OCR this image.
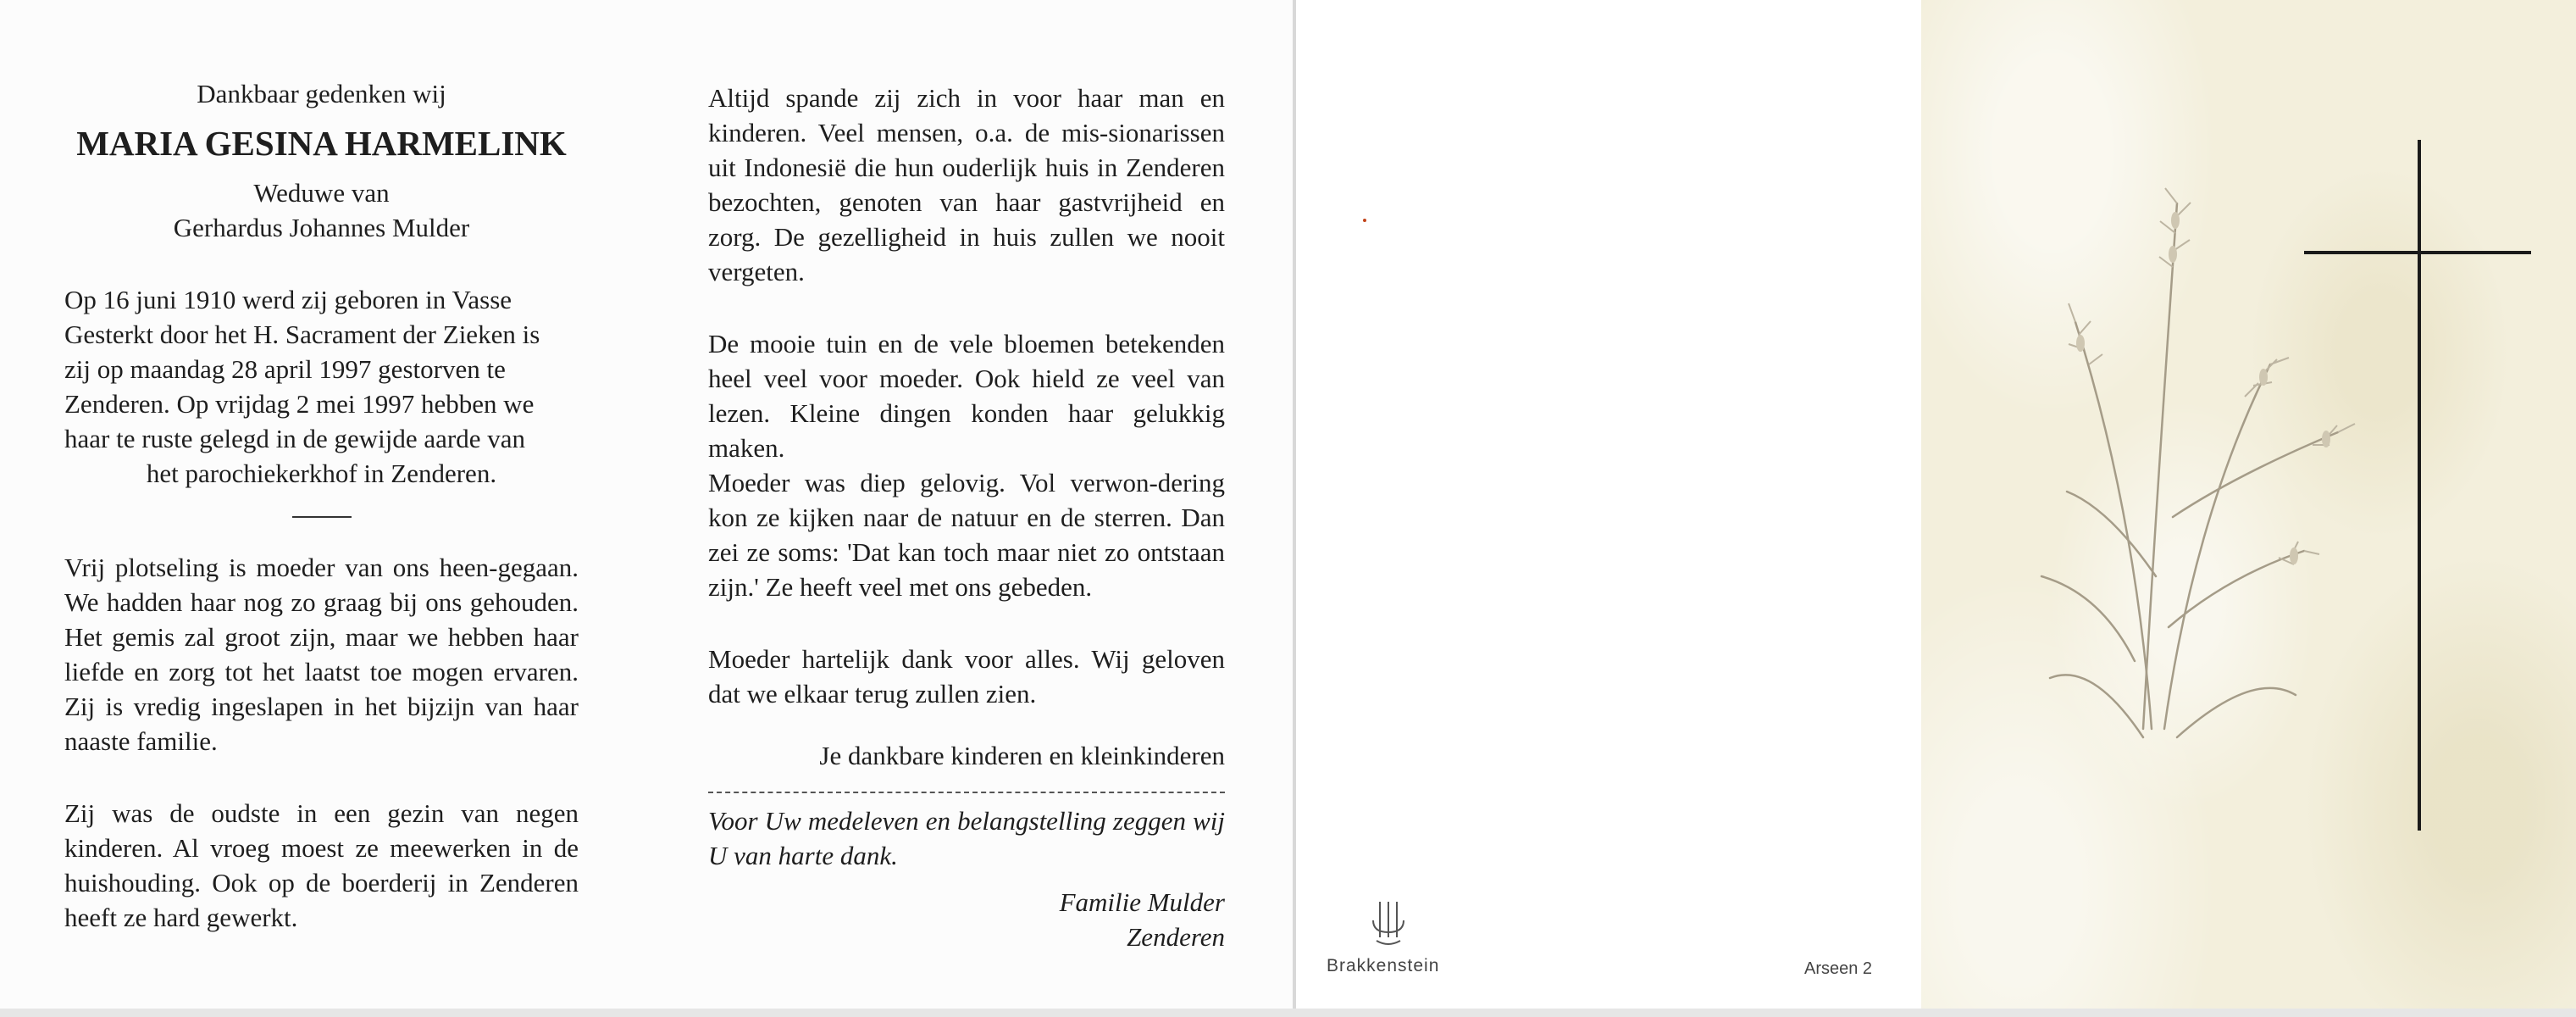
Dankbaar gedenken wij

MARIA GESINA HARMELINK

Weduwe van

Gerhardus Johannes Mulder

Op 16 juni 1910 werd zij geboren in Vasse

Gesterkt door het H. Sacrament der Zieken is

zij op maandag 28 april 1997 gestorven te

Zenderen. Op vrijdag 2 mei 1997 hebben we

haar te ruste gelegd in de gewijde aarde van

het parochiekerkhof in Zenderen.

Vrij plotseling is moeder van ons heen-gegaan. We hadden haar nog zo graag bij ons gehouden. Het gemis zal groot zijn, maar we hebben haar liefde en zorg tot het laatst toe mogen ervaren. Zij is vredig ingeslapen in het bijzijn van haar naaste familie.

Zij was de oudste in een gezin van negen kinderen. Al vroeg moest ze meewerken in de huishouding. Ook op de boerderij in Zenderen heeft ze hard gewerkt.

Altijd spande zij zich in voor haar man en kinderen. Veel mensen, o.a. de mis-sionarissen uit Indonesië die hun ouderlijk huis in Zenderen bezochten, genoten van haar gastvrijheid en zorg. De gezelligheid in huis zullen we nooit vergeten.

De mooie tuin en de vele bloemen betekenden heel veel voor moeder. Ook hield ze veel van lezen. Kleine dingen konden haar gelukkig maken.

Moeder was diep gelovig. Vol verwon-dering kon ze kijken naar de natuur en de sterren. Dan zei ze soms: 'Dat kan toch maar niet zo ontstaan zijn.' Ze heeft veel met ons gebeden.

Moeder hartelijk dank voor alles. Wij geloven dat we elkaar terug zullen zien.

Je dankbare kinderen en kleinkinderen

Voor Uw medeleven en belangstelling zeggen wij U van harte dank.

Familie Mulder

Zenderen

Brakkenstein	Arseen 2
